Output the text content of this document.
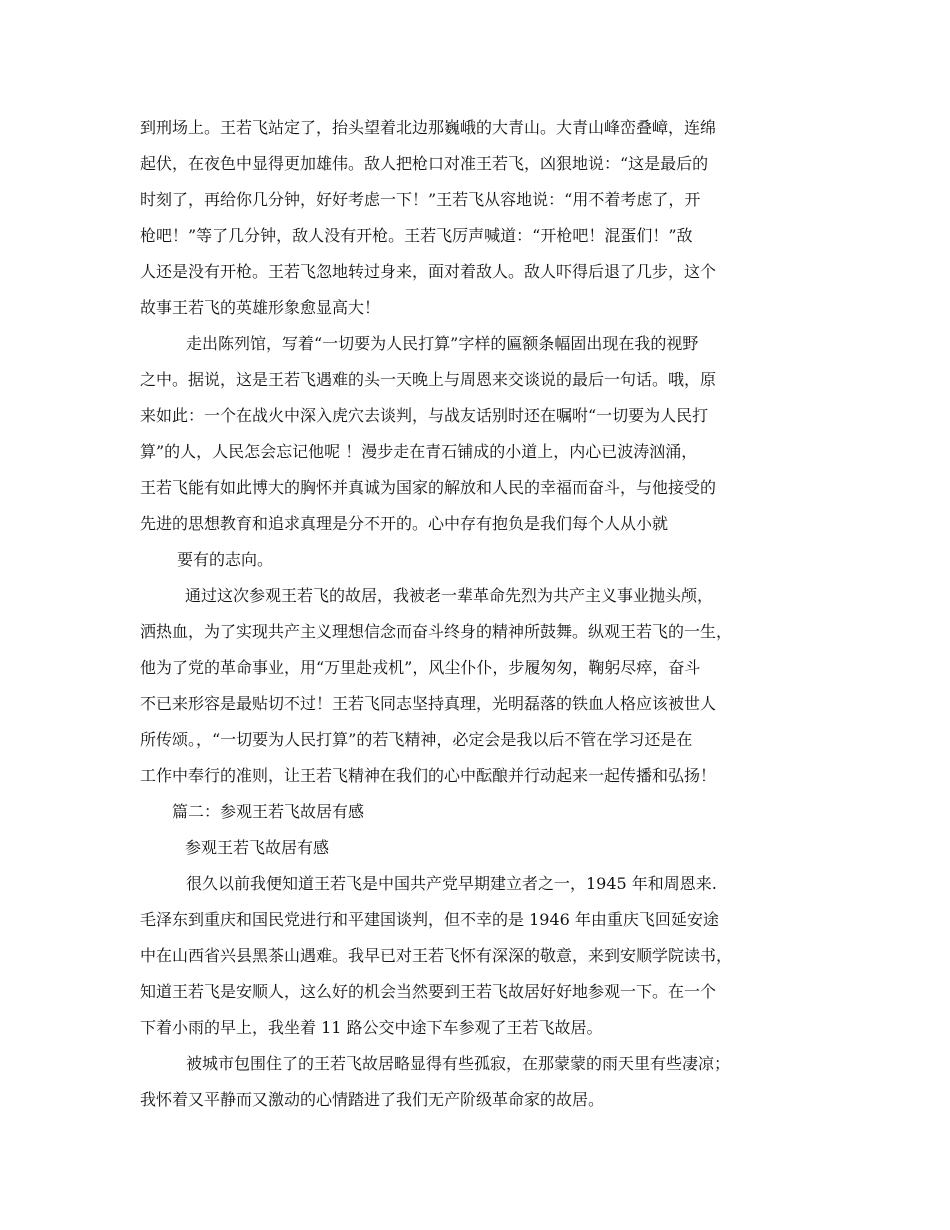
到刑场上。王若飞站定了，抬头望着北边那巍峨的大青山。大青山峰峦叠嶂，连绵
起伏，在夜色中显得更加雄伟。敌人把枪口对准王若飞，凶狠地说：“这是最后的
时刻了，再给你几分钟，好好考虑一下！”王若飞从容地说：“用不着考虑了，开
枪吧！”等了几分钟，敌人没有开枪。王若飞厉声喊道：“开枪吧！混蛋们！”敌
人还是没有开枪。王若飞忽地转过身来，面对着敌人。敌人吓得后退了几步，这个
故事王若飞的英雄形象愈显高大！
走出陈列馆，写着“一切要为人民打算”字样的匾额条幅固出现在我的视野
之中。据说，这是王若飞遇难的头一天晚上与周恩来交谈说的最后一句话。哦，原
来如此：一个在战火中深入虎穴去谈判，与战友话别时还在嘱咐“一切要为人民打
算”的人，人民怎会忘记他呢 ！漫步走在青石铺成的小道上，内心已波涛汹涌，
王若飞能有如此博大的胸怀并真诚为国家的解放和人民的幸福而奋斗，与他接受的
先进的思想教育和追求真理是分不开的。心中存有抱负是我们每个人从小就
要有的志向。
通过这次参观王若飞的故居，我被老一辈革命先烈为共产主义事业抛头颅，
洒热血，为了实现共产主义理想信念而奋斗终身的精神所鼓舞。纵观王若飞的一生，
他为了党的革命事业，用“万里赴戎机”，风尘仆仆，步履匆匆，鞠躬尽瘁，奋斗
不已来形容是最贴切不过！王若飞同志坚持真理，光明磊落的铁血人格应该被世人
所传颂。，“一切要为人民打算”的若飞精神，必定会是我以后不管在学习还是在
工作中奉行的准则，让王若飞精神在我们的心中酝酿并行动起来一起传播和弘扬！
篇二：参观王若飞故居有感
参观王若飞故居有感
很久以前我便知道王若飞是中国共产党早期建立者之一，1945 年和周恩来.
毛泽东到重庆和国民党进行和平建国谈判，但不幸的是 1946 年由重庆飞回延安途
中在山西省兴县黑茶山遇难。我早已对王若飞怀有深深的敬意，来到安顺学院读书，
知道王若飞是安顺人，这么好的机会当然要到王若飞故居好好地参观一下。在一个
下着小雨的早上，我坐着 11 路公交中途下车参观了王若飞故居。
被城市包围住了的王若飞故居略显得有些孤寂，在那蒙蒙的雨天里有些凄凉；
我怀着又平静而又激动的心情踏进了我们无产阶级革命家的故居。
